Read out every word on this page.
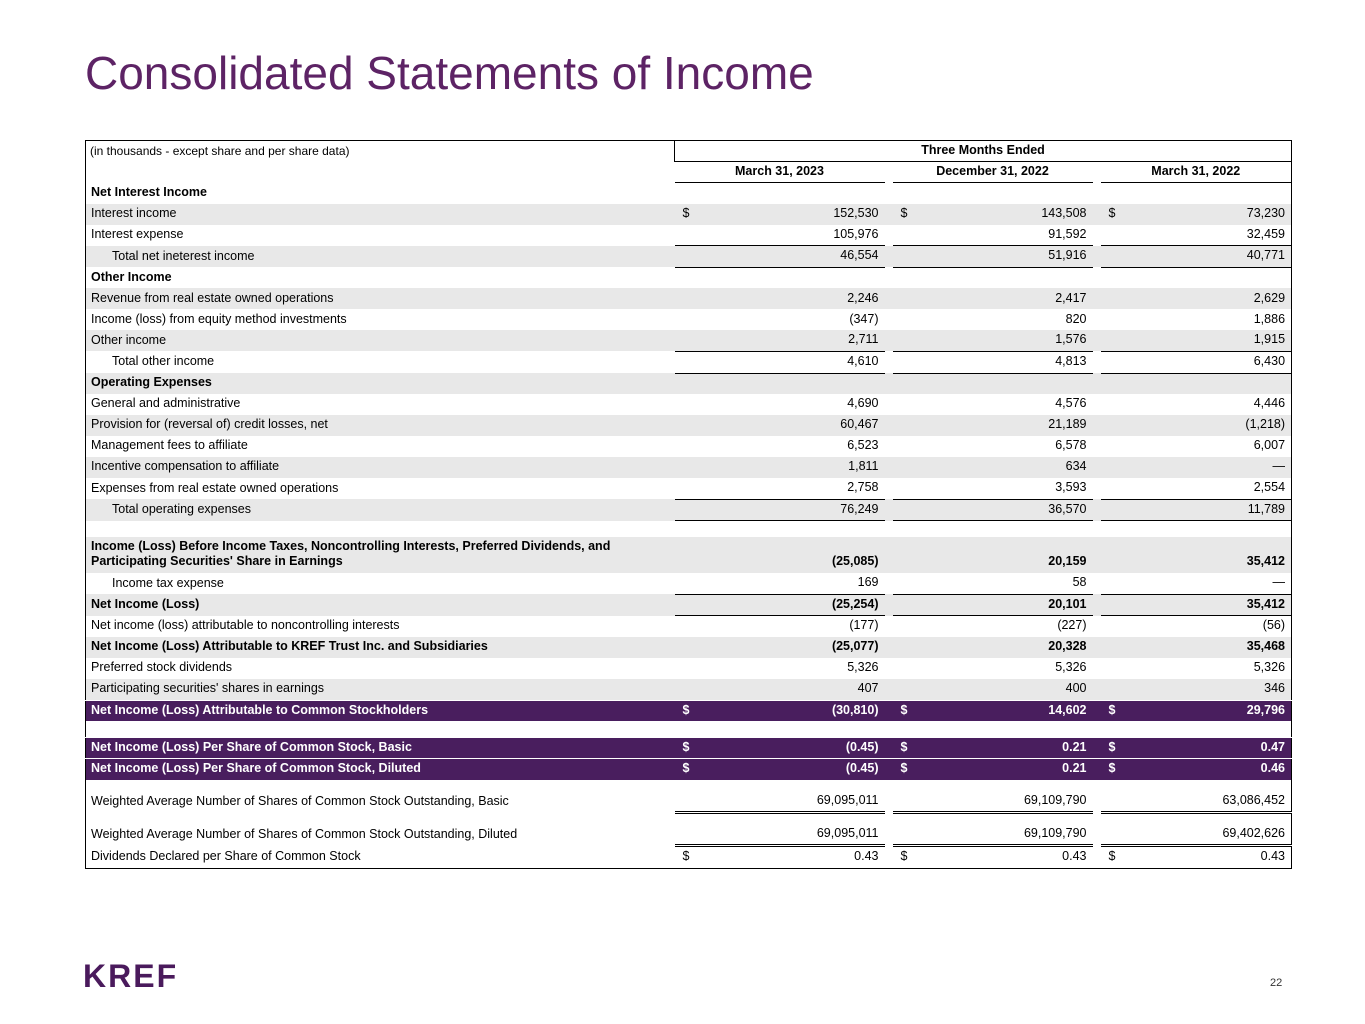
Consolidated Statements of Income
(in thousands - except share and per share data)	Three Months Ended				
	March 31, 2023		December 31, 2022		March 31, 2022
Net Interest Income	

Interest income	$ 152,530		$ 143,508		$ 73,230

Interest expense	105,976		91,592		32,459

Total net ineterest income	46,554		51,916		40,771

Other Income	

Revenue from real estate owned operations	2,246		2,417		2,629

Income (loss) from equity method investments	(347)		820		1,886

Other income	2,711		1,576		1,915

Total other income	4,610		4,813		6,430

Operating Expenses	

General and administrative	4,690		4,576		4,446

Provision for (reversal of) credit losses, net	60,467		21,189		(1,218)

Management fees to affiliate	6,523		6,578		6,007

Incentive compensation to affiliate	1,811		634		—

Expenses from real estate owned operations	2,758		3,593		2,554

Total operating expenses	76,249		36,570		11,789

Income (Loss) Before Income Taxes, Noncontrolling Interests, Preferred Dividends, and Participating Securities' Share in Earnings	(25,085)		20,159		35,412

Income tax expense	169		58		—

Net Income (Loss)	(25,254)		20,101		35,412

Net income (loss) attributable to noncontrolling interests	(177)		(227)		(56)

Net Income (Loss) Attributable to KREF Trust Inc. and Subsidiaries	(25,077)		20,328		35,468

Preferred stock dividends	5,326		5,326		5,326

Participating securities' shares in earnings	407		400		346

Net Income (Loss) Attributable to Common Stockholders	$ (30,810)		$ 14,602		$ 29,796

Net Income (Loss) Per Share of Common Stock, Basic	$ (0.45)		$ 0.21		$ 0.47

Net Income (Loss) Per Share of Common Stock, Diluted	$ (0.45)		$ 0.21		$ 0.46

Weighted Average Number of Shares of Common Stock Outstanding, Basic	69,095,011		69,109,790		63,086,452

Weighted Average Number of Shares of Common Stock Outstanding, Diluted	69,095,011		69,109,790		69,402,626

Dividends Declared per Share of Common Stock	$ 0.43		$ 0.43		$ 0.43
KREF	22
